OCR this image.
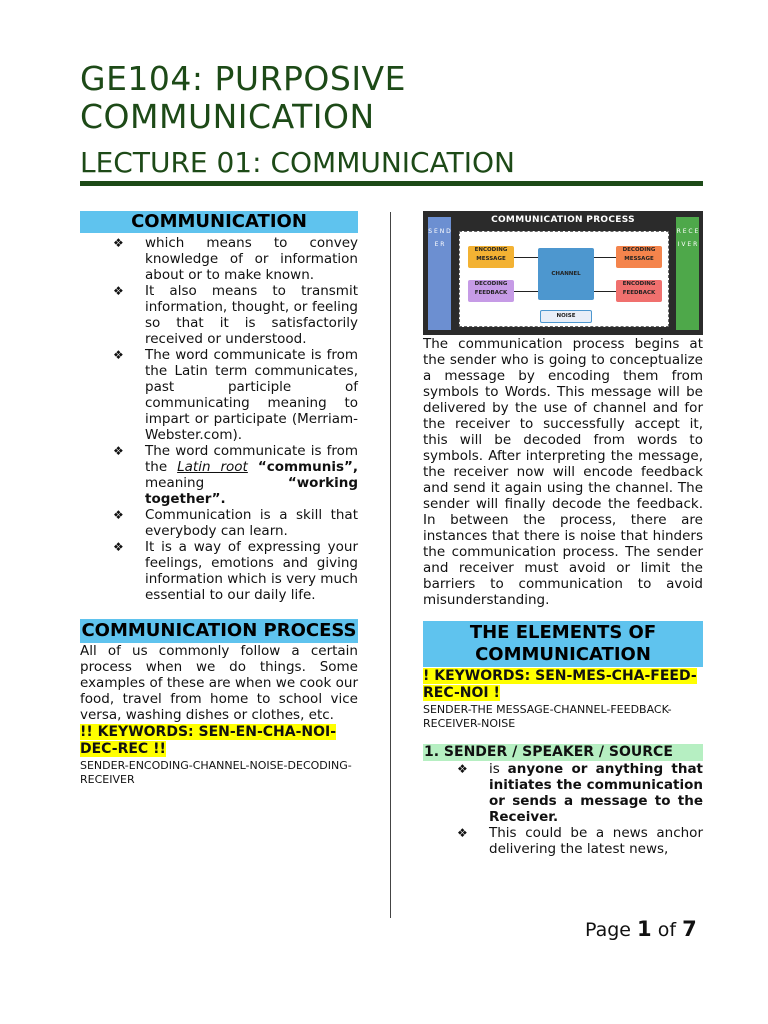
GE104: PURPOSIVE
COMMUNICATION
LECTURE 01: COMMUNICATION
COMMUNICATION
❖ which means to convey knowledge of or information about or to make known.
❖ It also means to transmit information, thought, or feeling so that it is satisfactorily received or understood.
❖ The word communicate is from the Latin term communicates, past participle of communicating meaning to impart or participate (Merriam-Webster.com).
❖ The word communicate is from the Latin root “communis”, meaning “working together”.
❖ Communication is a skill that everybody can learn.
❖ It is a way of expressing your feelings, emotions and giving information which is very much essential to our daily life.
COMMUNICATION PROCESS
All of us commonly follow a certain process when we do things. Some examples of these are when we cook our food, travel from home to school vice versa, washing dishes or clothes, etc.
!! KEYWORDS: SEN-EN-CHA-NOI-DEC-REC !!
SENDER-ENCODING-CHANNEL-NOISE-DECODING-RECEIVER
COMMUNICATION PROCESS
S E N D E R
R E C E I V E R
ENCODING MESSAGE
DECODING FEEDBACK
CHANNEL
DECODING MESSAGE
ENCODING FEEDBACK
NOISE
The communication process begins at the sender who is going to conceptualize a message by encoding them from symbols to Words. This message will be delivered by the use of channel and for the receiver to successfully accept it, this will be decoded from words to symbols. After interpreting the message, the receiver now will encode feedback and send it again using the channel. The sender will finally decode the feedback. In between the process, there are instances that there is noise that hinders the communication process. The sender and receiver must avoid or limit the barriers to communication to avoid misunderstanding.
THE ELEMENTS OF COMMUNICATION
! KEYWORDS: SEN-MES-CHA-FEED-REC-NOI !
SENDER-THE MESSAGE-CHANNEL-FEEDBACK-RECEIVER-NOISE
1. SENDER / SPEAKER / SOURCE
❖ is anyone or anything that initiates the communication or sends a message to the Receiver.
❖ This could be a news anchor delivering the latest news,
Page 1 of 7
